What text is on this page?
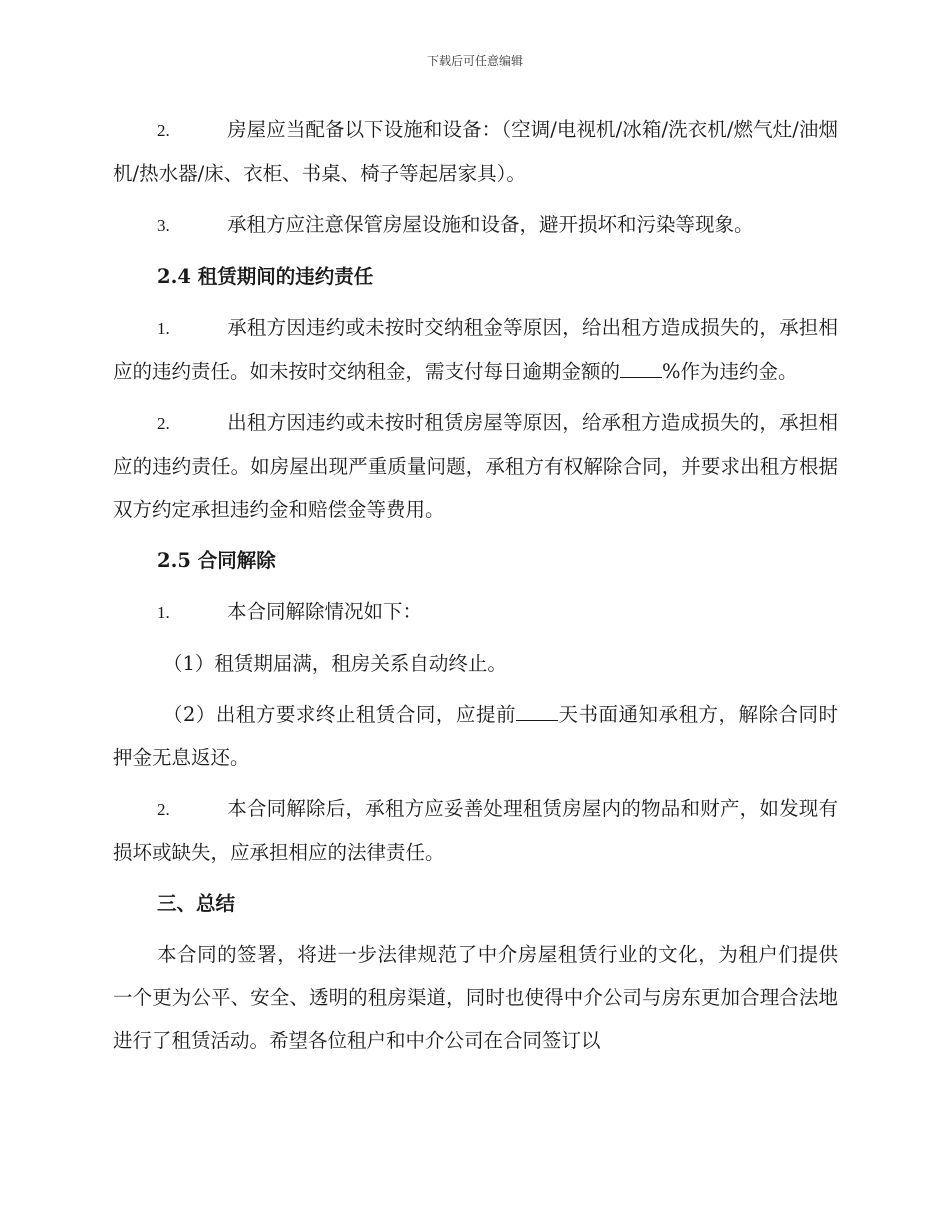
下载后可任意编辑

2.	房屋应当配备以下设施和设备：（空调/电视机/冰箱/洗衣机/燃气灶/油烟机/热水器/床、衣柜、书桌、椅子等起居家具）。

3.	承租方应注意保管房屋设施和设备，避开损坏和污染等现象。

2.4 租赁期间的违约责任

1.	承租方因违约或未按时交纳租金等原因，给出租方造成损失的，承担相应的违约责任。如未按时交纳租金，需支付每日逾期金额的 %作为违约金。

2.	出租方因违约或未按时租赁房屋等原因，给承租方造成损失的，承担相应的违约责任。如房屋出现严重质量问题，承租方有权解除合同，并要求出租方根据双方约定承担违约金和赔偿金等费用。

2.5 合同解除

1.	本合同解除情况如下：

（1）租赁期届满，租房关系自动终止。

（2）出租方要求终止租赁合同，应提前 天书面通知承租方，解除合同时押金无息返还。

2.	本合同解除后，承租方应妥善处理租赁房屋内的物品和财产，如发现有损坏或缺失，应承担相应的法律责任。

三、总结

本合同的签署，将进一步法律规范了中介房屋租赁行业的文化，为租户们提供一个更为公平、安全、透明的租房渠道，同时也使得中介公司与房东更加合理合法地进行了租赁活动。希望各位租户和中介公司在合同签订以
